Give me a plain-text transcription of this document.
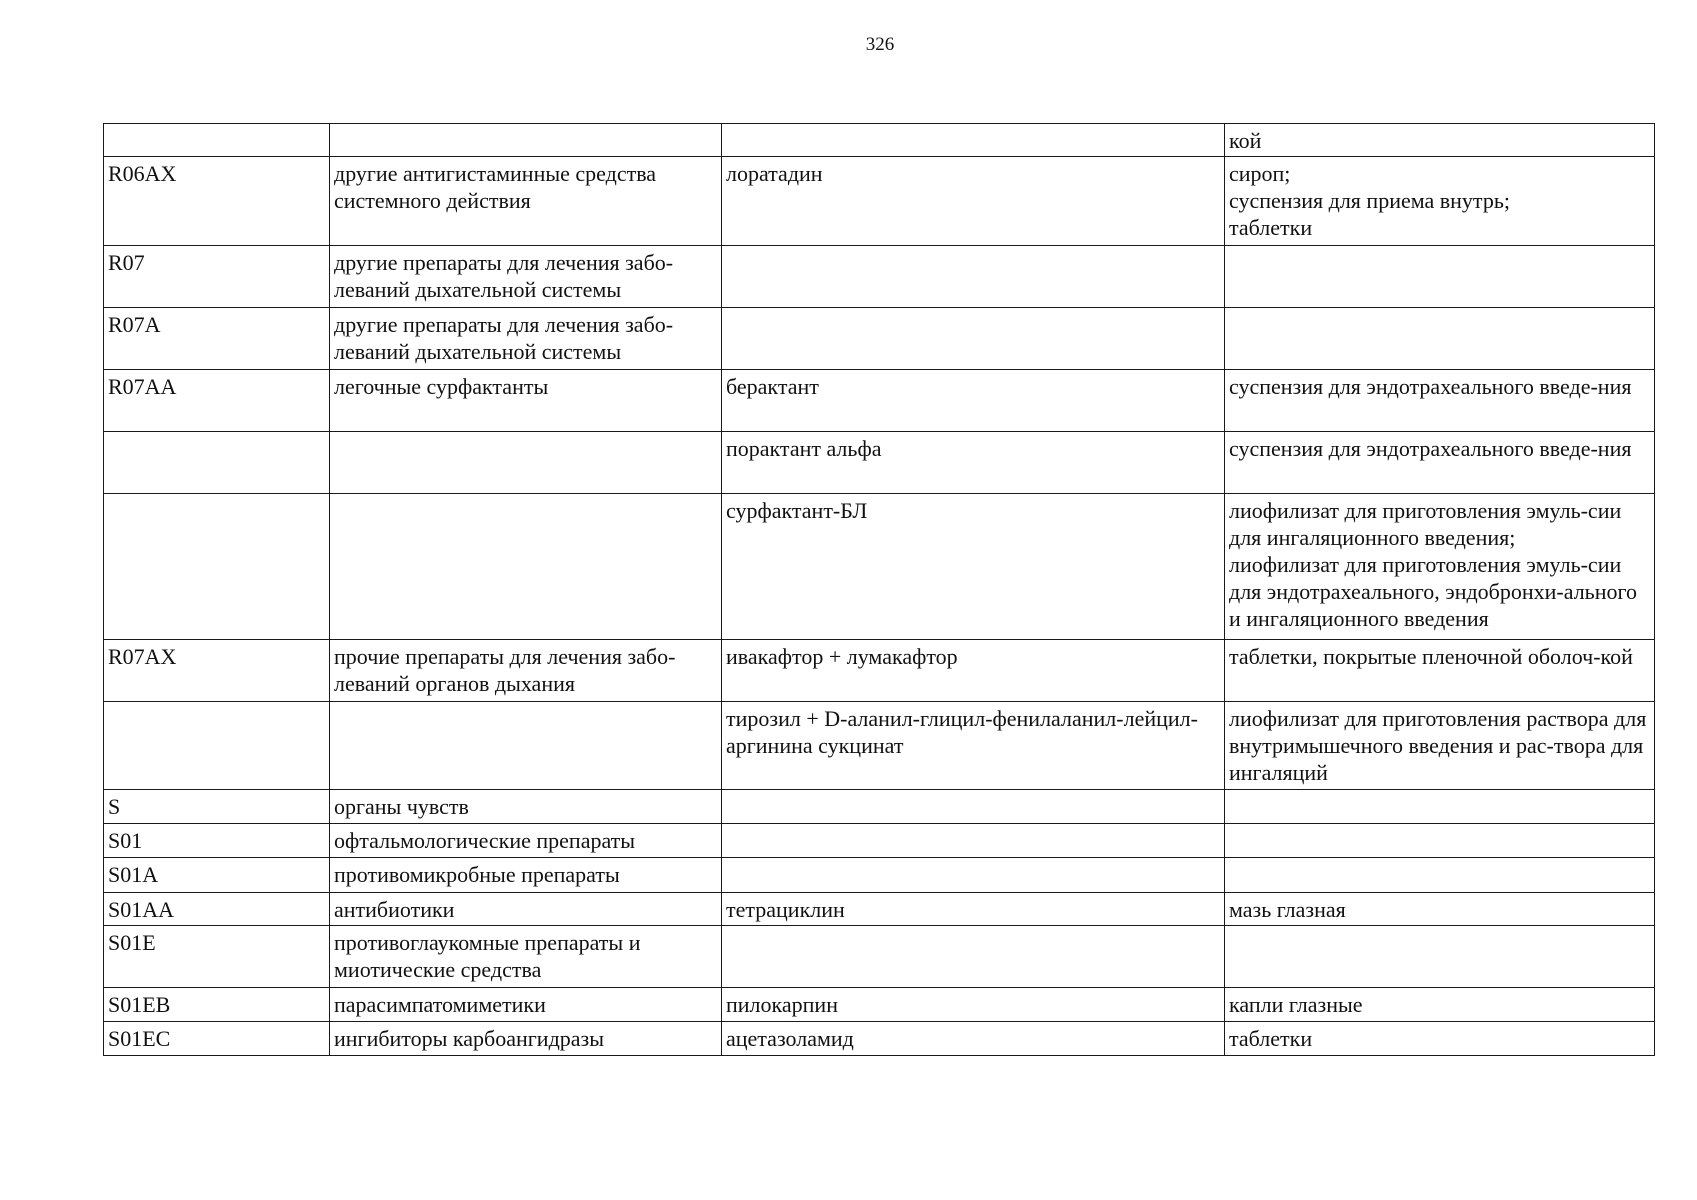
326
			кой
R06AX	другие антигистаминные средства системного действия	лоратадин	сироп;
суспензия для приема внутрь;
таблетки
R07	другие препараты для лечения забо-леваний дыхательной системы		
R07A	другие препараты для лечения забо-леваний дыхательной системы		
R07AA	легочные сурфактанты	берактант	суспензия для эндотрахеального введе-ния
		порактант альфа	суспензия для эндотрахеального введе-ния
		сурфактант-БЛ	лиофилизат для приготовления эмуль-сии для ингаляционного введения;
лиофилизат для приготовления эмуль-сии для эндотрахеального, эндобронхи-ального и ингаляционного введения
R07AX	прочие препараты для лечения забо-леваний органов дыхания	ивакафтор + лумакафтор	таблетки, покрытые пленочной оболоч-кой
		тирозил + D-аланил-глицил-фенилаланил-лейцил-аргинина сукцинат	лиофилизат для приготовления раствора для внутримышечного введения и рас-твора для ингаляций
S	органы чувств		
S01	офтальмологические препараты		
S01A	противомикробные препараты		
S01AA	антибиотики	тетрациклин	мазь глазная
S01E	противоглаукомные препараты и миотические средства		
S01EB	парасимпатомиметики	пилокарпин	капли глазные
S01EC	ингибиторы карбоангидразы	ацетазоламид	таблетки
